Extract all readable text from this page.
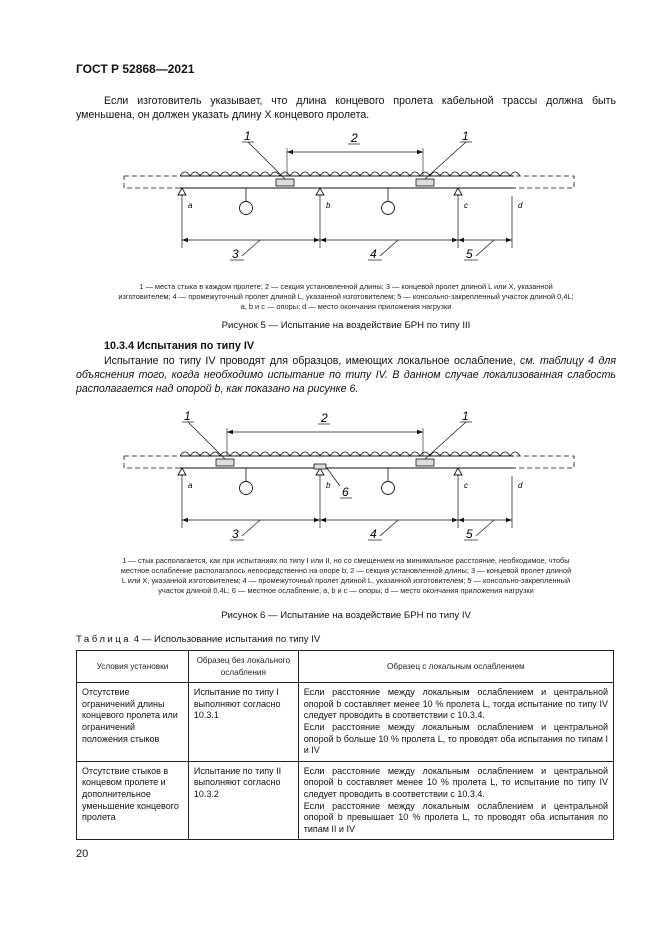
ГОСТ Р 52868—2021
Если изготовитель указывает, что длина концевого пролета кабельной трассы должна быть уменьшена, он должен указать длину X концевого пролета.
a	b	c	d
2
1	1
3	4	5
1 — места стыка в каждом пролете; 2 — секция установленной длины; 3 — концевой пролет длиной L или X, указанной
изготовителем; 4 — промежуточный пролет длиной L, указанной изготовителем; 5 — консольно-закрепленный участок длиной 0,4L;
a, b и c — опоры; d — место окончания приложения нагрузки
Рисунок 5 — Испытание на воздействие БРН по типу III
10.3.4 Испытания по типу IV
Испытание по типу IV проводят для образцов, имеющих локальное ослабление, см. таблицу 4 для объяснения того, когда необходимо испытание по типу IV. В данном случае локализованная слабость располагается над опорой b, как показано на рисунке 6.
a	b	c	d
2
1	1
6
3	4	5
1 — стык располагается, как при испытаниях по типу I или II, но со смещением на минимальное расстояние, необходимое, чтобы
местное ослабление располагалось непосредственно на опоре b; 2 — секция установленной длины; 3 — концевой пролет длиной
L или X, указанной изготовителем; 4 — промежуточный пролет длиной L, указанной изготовителем; 5 — консольно-закрепленный
участок длиной 0,4L; 6 — местное ослабление; a, b и c — опоры; d — место окончания приложения нагрузки
Рисунок 6 — Испытание на воздействие БРН по типу IV
Таблица 4 — Использование испытания по типу IV
Условия установки	Образец без локального ослабления	Образец с локальным ослаблением
Отсутствие ограничений длины концевого пролета или ограничений положения стыков	Испытание по типу I выполняют согласно 10.3.1	Если расстояние между локальным ослаблением и центральной опорой b составляет менее 10 % пролета L, тогда испытание по типу IV следует проводить в соответствии с 10.3.4.
Если расстояние между локальным ослаблением и центральной опорой b больше 10 % пролета L, то проводят оба испытания по типам I и IV

Отсутствие стыков в концевом пролете и дополнительное уменьшение концевого пролета	Испытание по типу II выполняют согласно 10.3.2	Если расстояние между локальным ослаблением и центральной опорой b составляет менее 10 % пролета L, то испытание по типу IV следует проводить в соответствии с 10.3.4.
Если расстояние между локальным ослаблением и центральной опорой b превышает 10 % пролета L, то проводят оба испытания по типам II и IV
20
